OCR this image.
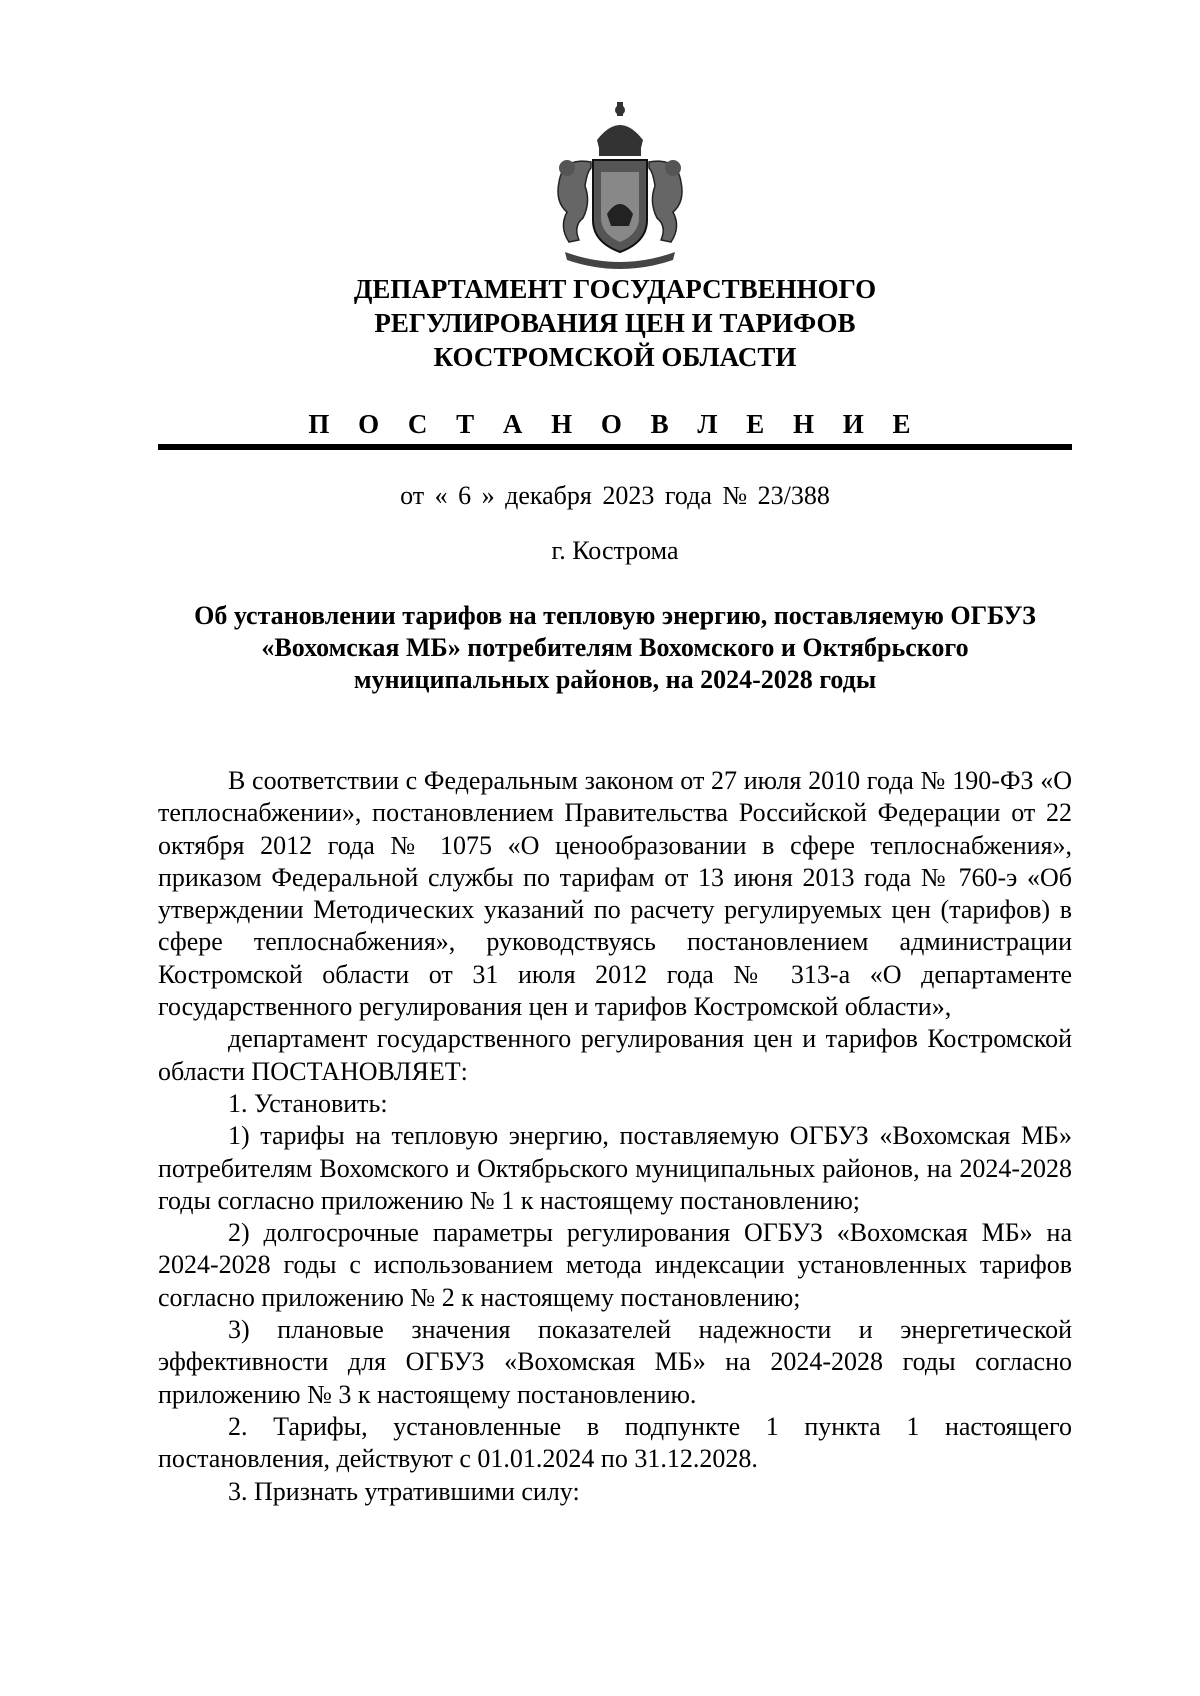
ДЕПАРТАМЕНТ ГОСУДАРСТВЕННОГО
РЕГУЛИРОВАНИЯ ЦЕН И ТАРИФОВ
КОСТРОМСКОЙ ОБЛАСТИ
П О С Т А Н О В Л Е Н И Е
от « 6 » декабря 2023 года № 23/388
г. Кострома
Об установлении тарифов на тепловую энергию, поставляемую ОГБУЗ «Вохомская МБ» потребителям Вохомского и Октябрьского муниципальных районов, на 2024-2028 годы

В соответствии с Федеральным законом от 27 июля 2010 года № 190-ФЗ «О теплоснабжении», постановлением Правительства Российской Федерации от 22 октября 2012 года № 1075 «О ценообразовании в сфере теплоснабжения», приказом Федеральной службы по тарифам от 13 июня 2013 года № 760-э «Об утверждении Методических указаний по расчету регулируемых цен (тарифов) в сфере теплоснабжения», руководствуясь постановлением администрации Костромской области от 31 июля 2012 года № 313-а «О департаменте государственного регулирования цен и тарифов Костромской области»,

департамент государственного регулирования цен и тарифов Костромской области ПОСТАНОВЛЯЕТ:

1. Установить:

1) тарифы на тепловую энергию, поставляемую ОГБУЗ «Вохомская МБ» потребителям Вохомского и Октябрьского муниципальных районов, на 2024-2028 годы согласно приложению № 1 к настоящему постановлению;

2) долгосрочные параметры регулирования ОГБУЗ «Вохомская МБ» на 2024-2028 годы с использованием метода индексации установленных тарифов согласно приложению № 2 к настоящему постановлению;

3) плановые значения показателей надежности и энергетической эффективности для ОГБУЗ «Вохомская МБ» на 2024-2028 годы согласно приложению № 3 к настоящему постановлению.

2. Тарифы, установленные в подпункте 1 пункта 1 настоящего постановления, действуют с 01.01.2024 по 31.12.2028.

3. Признать утратившими силу:
